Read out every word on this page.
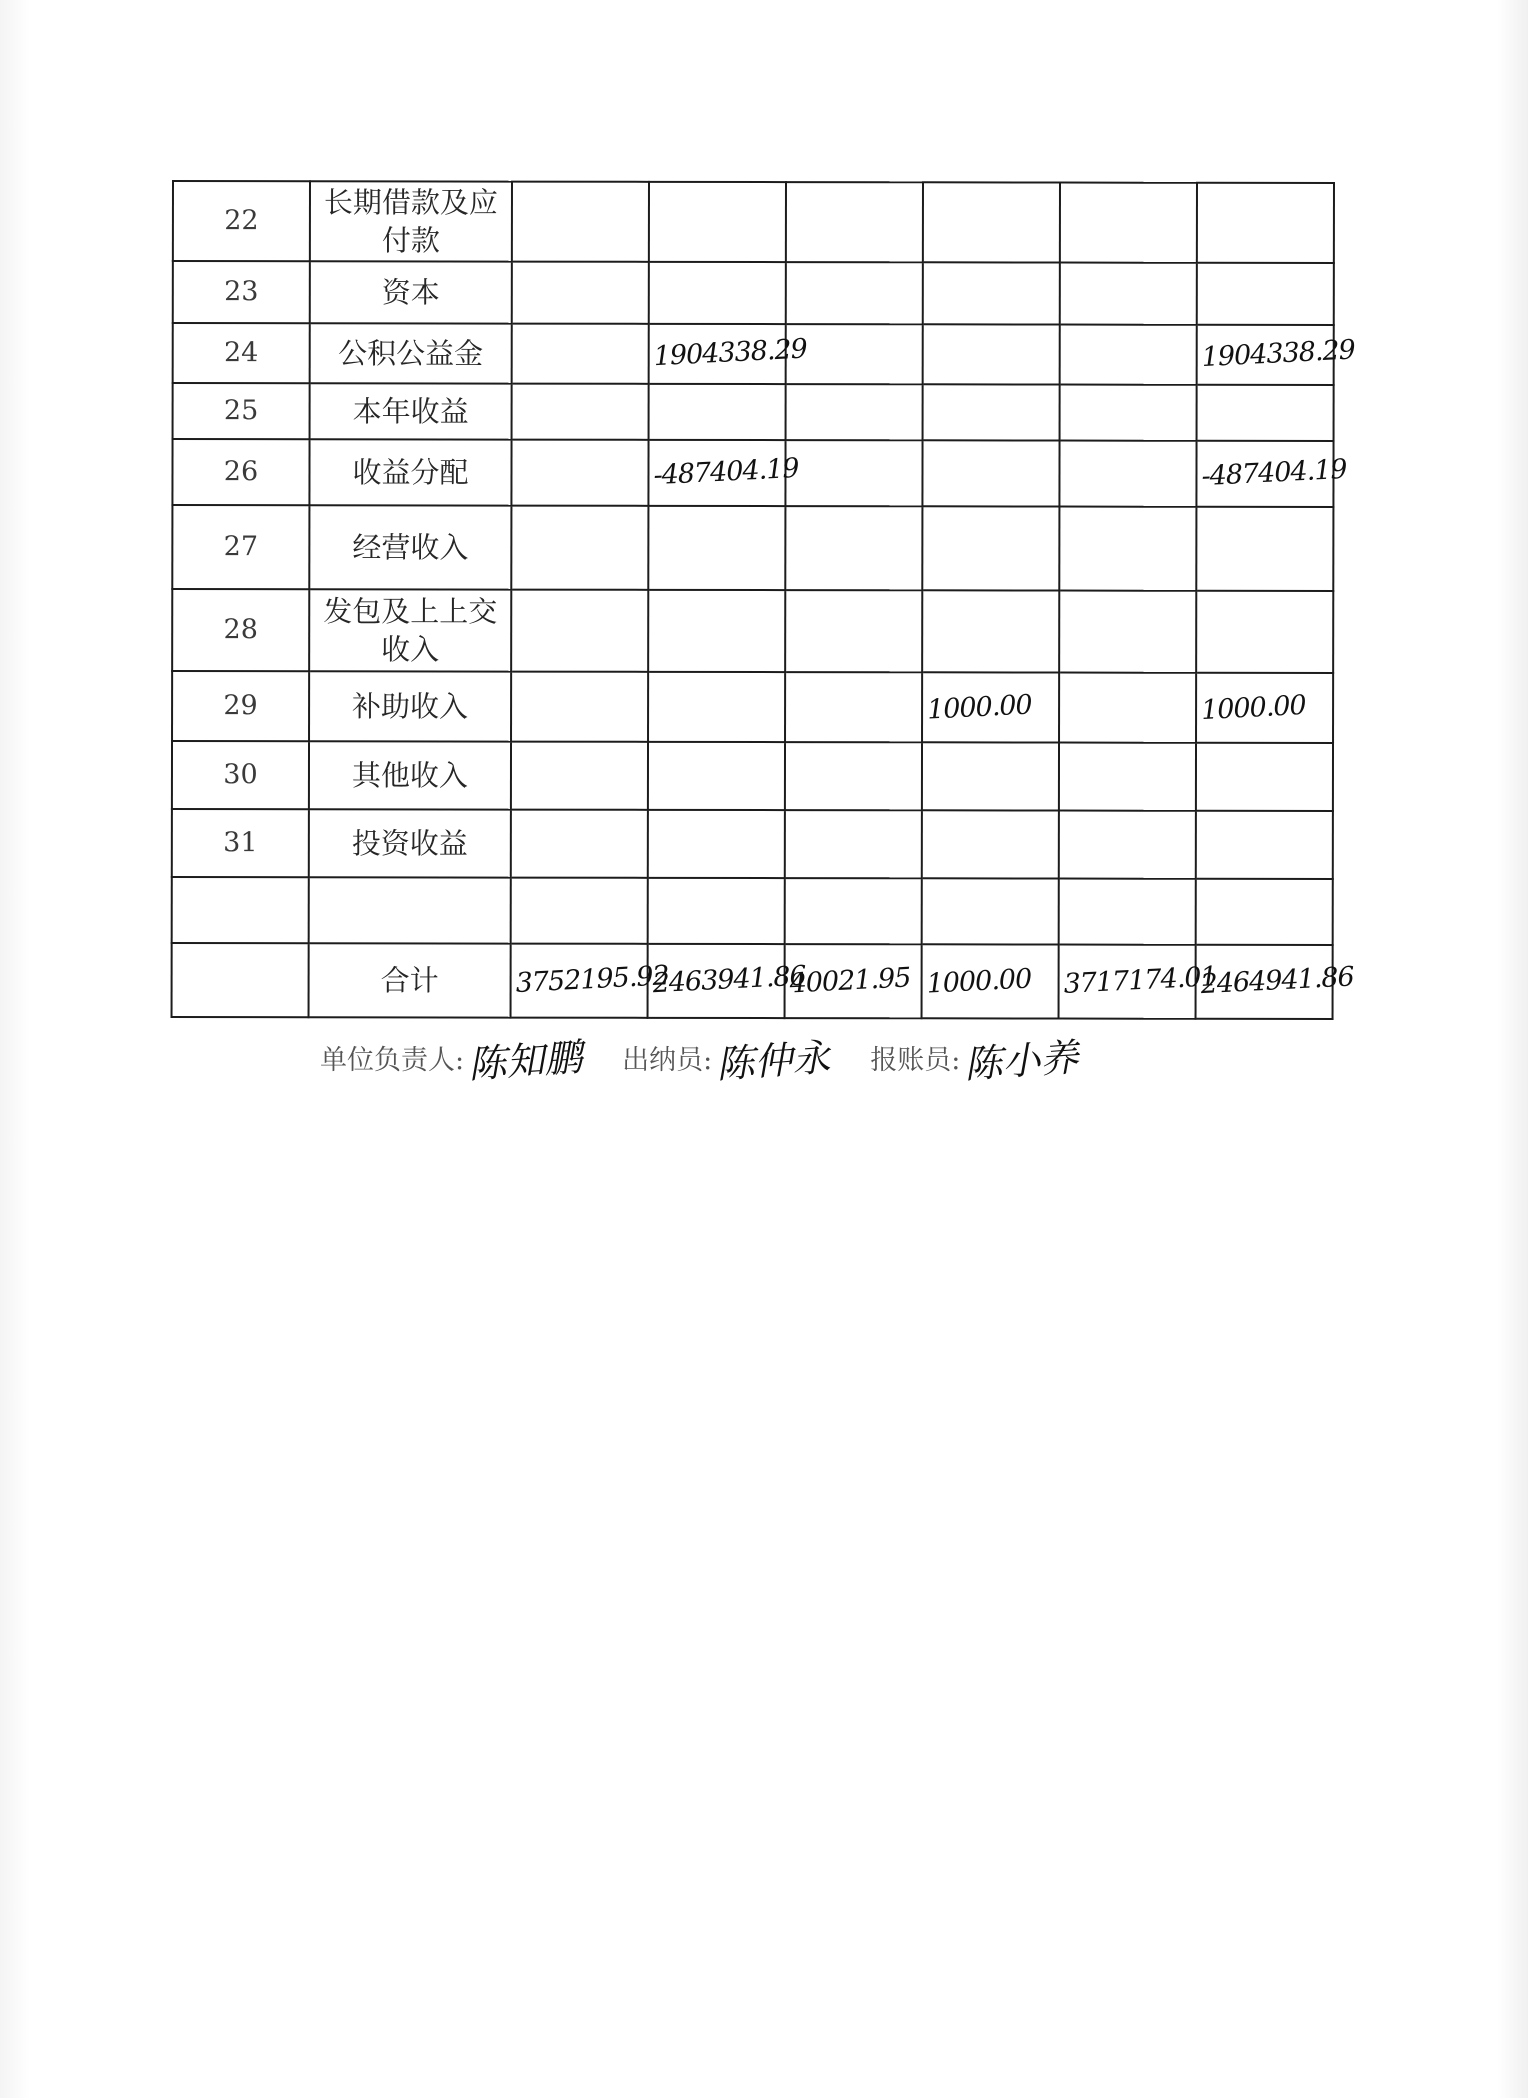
22	长期借款及应付款	

23	资本	

24	公积公益金		1904338.29				1904338.29

25	本年收益	

26	收益分配		-487404.19				-487404.19

27	经营收入	

28	发包及上上交收入	

29	补助收入				1000.00		1000.00

30	其他收入	

31	投资收益	

	合计	3752195.92	2463941.86	40021.95	1000.00	3717174.01	2464941.86
单位负责人: 陈知鹏 出纳员: 陈仲永 报账员: 陈小养
